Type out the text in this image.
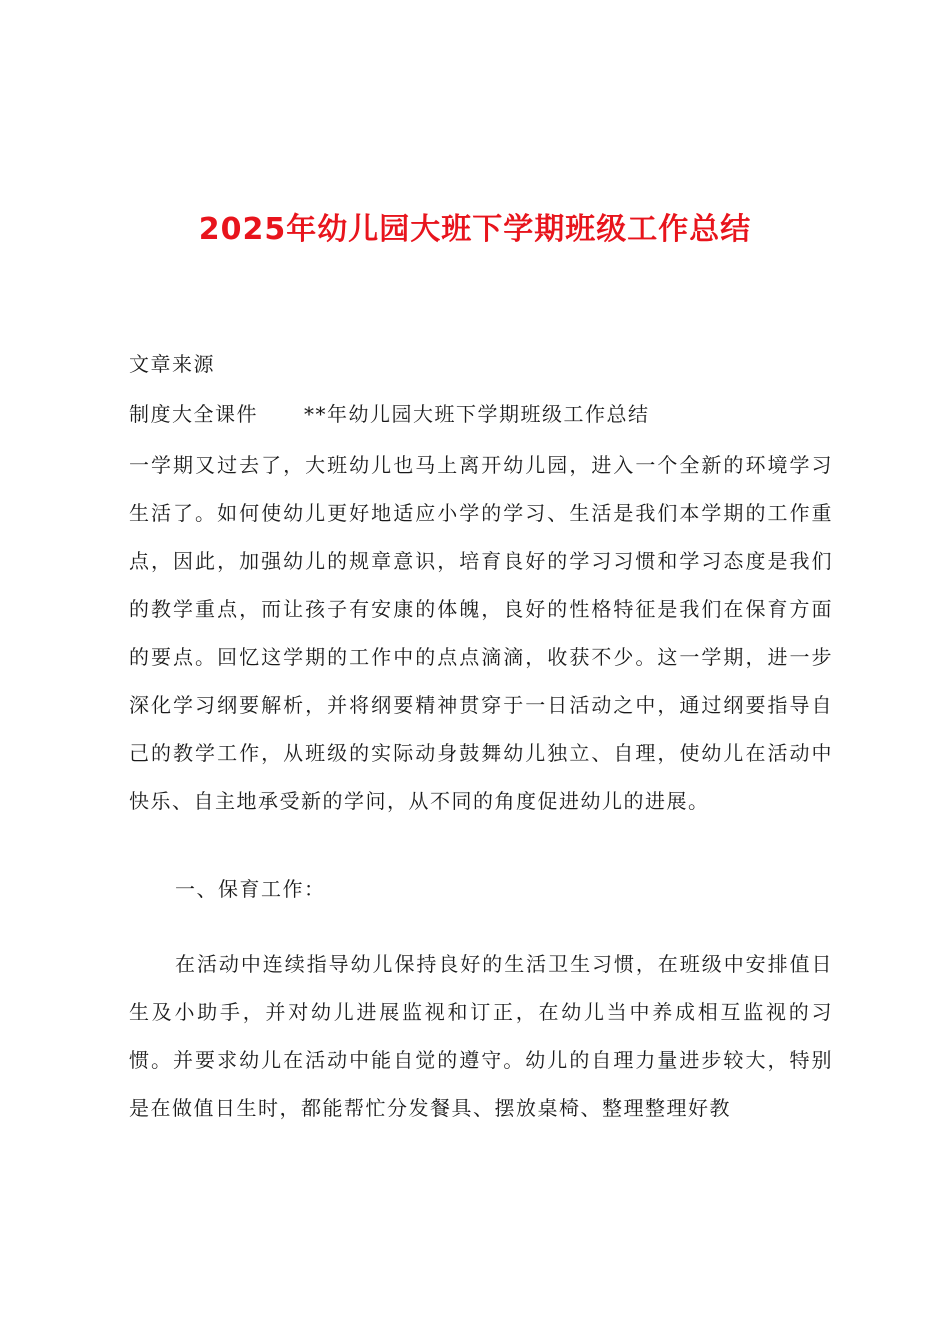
2025年幼儿园大班下学期班级工作总结
文章来源
制度大全课件 **年幼儿园大班下学期班级工作总结

一学期又过去了，大班幼儿也马上离开幼儿园，进入一个全新的环境学习生活了。如何使幼儿更好地适应小学的学习、生活是我们本学期的工作重点，因此，加强幼儿的规章意识，培育良好的学习习惯和学习态度是我们的教学重点，而让孩子有安康的体魄，良好的性格特征是我们在保育方面的要点。回忆这学期的工作中的点点滴滴，收获不少。这一学期，进一步深化学习纲要解析，并将纲要精神贯穿于一日活动之中，通过纲要指导自己的教学工作，从班级的实际动身鼓舞幼儿独立、自理，使幼儿在活动中快乐、自主地承受新的学问，从不同的角度促进幼儿的进展。

一、保育工作：

在活动中连续指导幼儿保持良好的生活卫生习惯，在班级中安排值日生及小助手，并对幼儿进展监视和订正，在幼儿当中养成相互监视的习惯。并要求幼儿在活动中能自觉的遵守。幼儿的自理力量进步较大，特别是在做值日生时，都能帮忙分发餐具、摆放桌椅、整理整理好教
